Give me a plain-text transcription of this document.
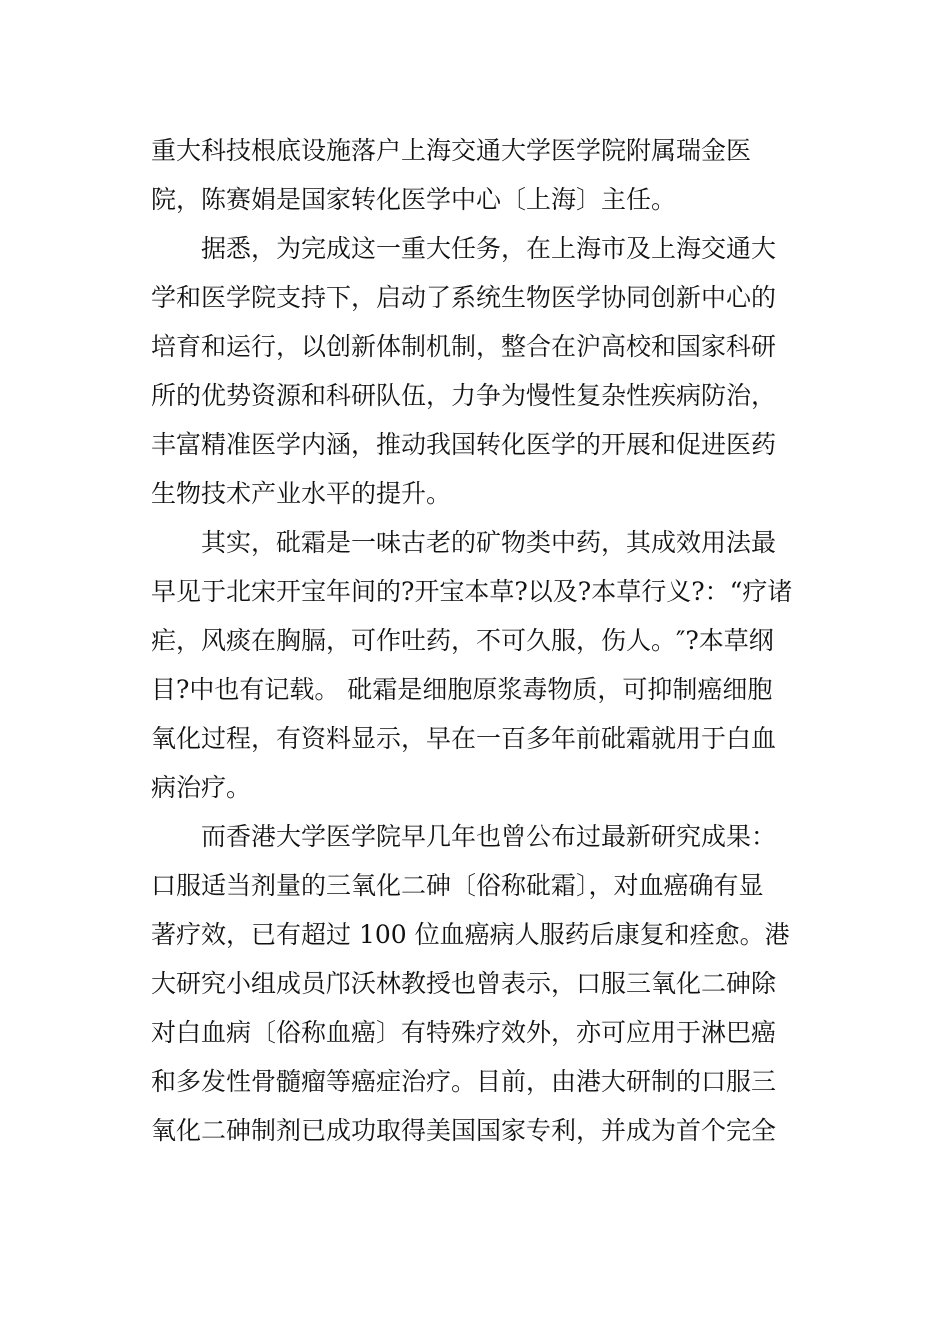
重大科技根底设施落户上海交通大学医学院附属瑞金医
院，陈赛娟是国家转化医学中心〔上海〕主任。
据悉，为完成这一重大任务，在上海市及上海交通大
学和医学院支持下，启动了系统生物医学协同创新中心的
培育和运行，以创新体制机制，整合在沪高校和国家科研
所的优势资源和科研队伍，力争为慢性复杂性疾病防治，
丰富精准医学内涵，推动我国转化医学的开展和促进医药
生物技术产业水平的提升。
其实，砒霜是一味古老的矿物类中药，其成效用法最
早见于北宋开宝年间的?开宝本草?以及?本草行义?：“疗诸
疟，风痰在胸膈，可作吐药，不可久服，伤人。″?本草纲
目?中也有记载。 砒霜是细胞原浆毒物质，可抑制癌细胞
氧化过程，有资料显示，早在一百多年前砒霜就用于白血
病治疗。
而香港大学医学院早几年也曾公布过最新研究成果：
口服适当剂量的三氧化二砷〔俗称砒霜〕，对血癌确有显
著疗效，已有超过 100 位血癌病人服药后康复和痊愈。港
大研究小组成员邝沃林教授也曾表示，口服三氧化二砷除
对白血病〔俗称血癌〕有特殊疗效外，亦可应用于淋巴癌
和多发性骨髓瘤等癌症治疗。目前，由港大研制的口服三
氧化二砷制剂已成功取得美国国家专利，并成为首个完全
